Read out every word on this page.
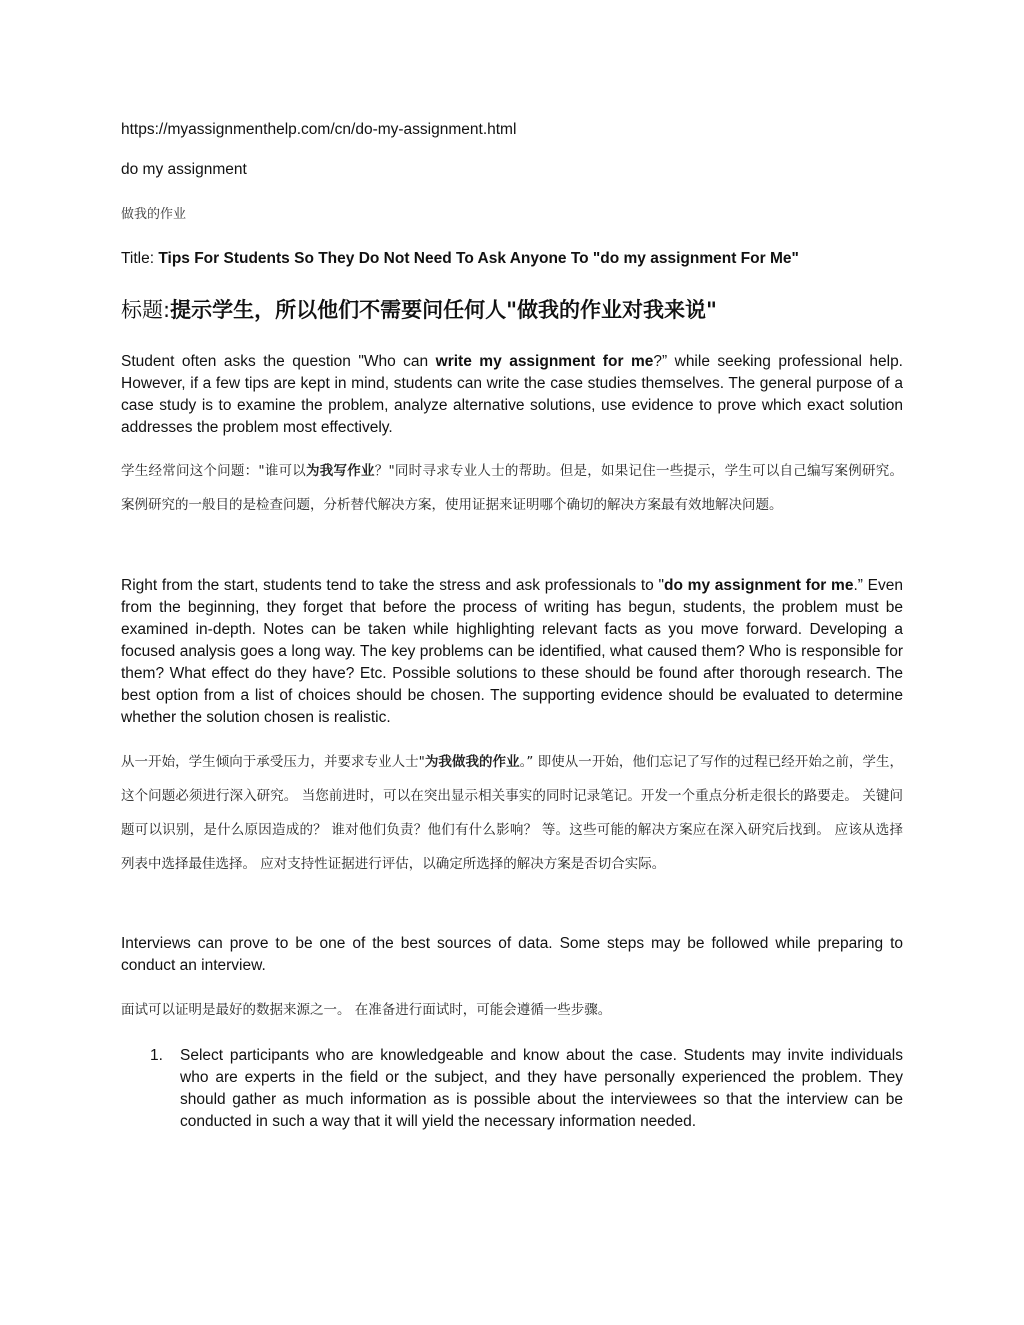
https://myassignmenthelp.com/cn/do-my-assignment.html

do my assignment

做我的作业

Title: Tips For Students So They Do Not Need To Ask Anyone To "do my assignment For Me"

标题:提示学生，所以他们不需要问任何人"做我的作业对我来说"

Student often asks the question "Who can write my assignment for me?” while seeking professional help. However, if a few tips are kept in mind, students can write the case studies themselves. The general purpose of a case study is to examine the problem, analyze alternative solutions, use evidence to prove which exact solution addresses the problem most effectively.

学生经常问这个问题："谁可以为我写作业？"同时寻求专业人士的帮助。但是，如果记住一些提示，学生可以自己编写案例研究。 案例研究的一般目的是检查问题，分析替代解决方案，使用证据来证明哪个确切的解决方案最有效地解决问题。

Right from the start, students tend to take the stress and ask professionals to "do my assignment for me.” Even from the beginning, they forget that before the process of writing has begun, students, the problem must be examined in-depth. Notes can be taken while highlighting relevant facts as you move forward. Developing a focused analysis goes a long way. The key problems can be identified, what caused them? Who is responsible for them? What effect do they have? Etc. Possible solutions to these should be found after thorough research. The best option from a list of choices should be chosen. The supporting evidence should be evaluated to determine whether the solution chosen is realistic.

从一开始，学生倾向于承受压力，并要求专业人士"为我做我的作业。” 即使从一开始，他们忘记了写作的过程已经开始之前，学生，这个问题必须进行深入研究。 当您前进时，可以在突出显示相关事实的同时记录笔记。开发一个重点分析走很长的路要走。 关键问题可以识别，是什么原因造成的？ 谁对他们负责？他们有什么影响？ 等。这些可能的解决方案应在深入研究后找到。 应该从选择列表中选择最佳选择。 应对支持性证据进行评估，以确定所选择的解决方案是否切合实际。

Interviews can prove to be one of the best sources of data. Some steps may be followed while preparing to conduct an interview.

面试可以证明是最好的数据来源之一。 在准备进行面试时，可能会遵循一些步骤。

1. Select participants who are knowledgeable and know about the case. Students may invite individuals who are experts in the field or the subject, and they have personally experienced the problem. They should gather as much information as is possible about the interviewees so that the interview can be conducted in such a way that it will yield the necessary information needed.
